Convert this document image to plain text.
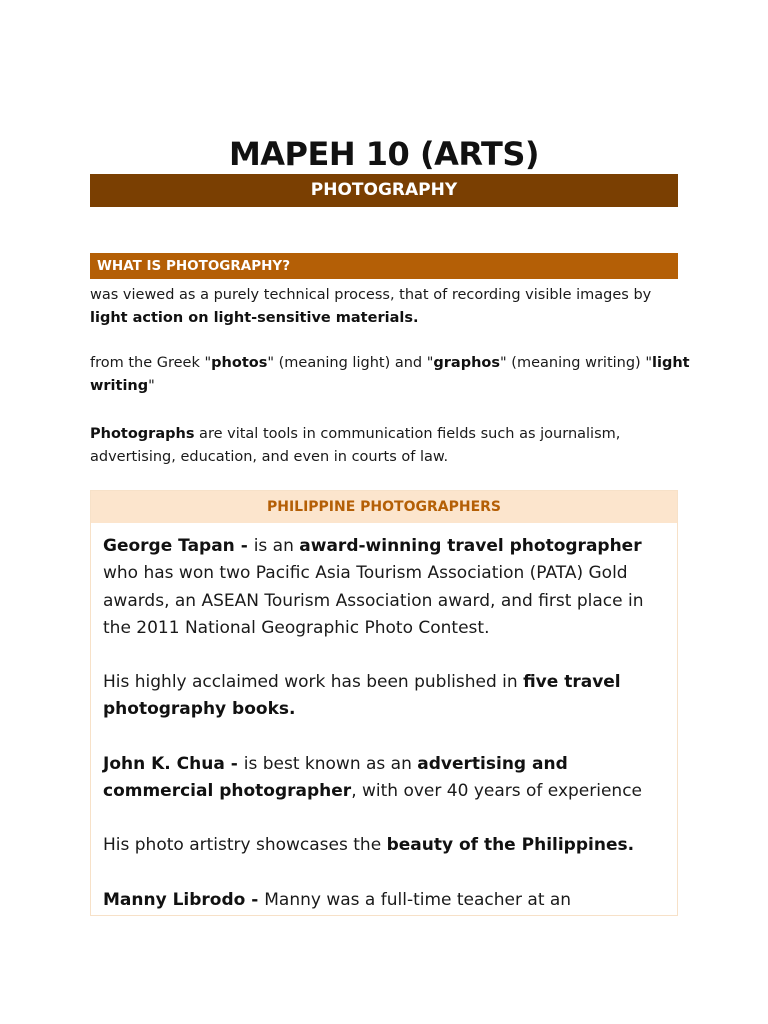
MAPEH 10 (ARTS)
PHOTOGRAPHY
WHAT IS PHOTOGRAPHY?
was viewed as a purely technical process, that of recording visible images by light action on light-sensitive materials.
from the Greek "photos" (meaning light) and "graphos" (meaning writing) "light writing"
Photographs are vital tools in communication fields such as journalism, advertising, education, and even in courts of law.
PHILIPPINE PHOTOGRAPHERS

George Tapan - is an award-winning travel photographer who has won two Pacific Asia Tourism Association (PATA) Gold awards, an ASEAN Tourism Association award, and first place in the 2011 National Geographic Photo Contest.

His highly acclaimed work has been published in five travel photography books.

John K. Chua - is best known as an advertising and commercial photographer, with over 40 years of experience

His photo artistry showcases the beauty of the Philippines.

Manny Librodo - Manny was a full-time teacher at an
